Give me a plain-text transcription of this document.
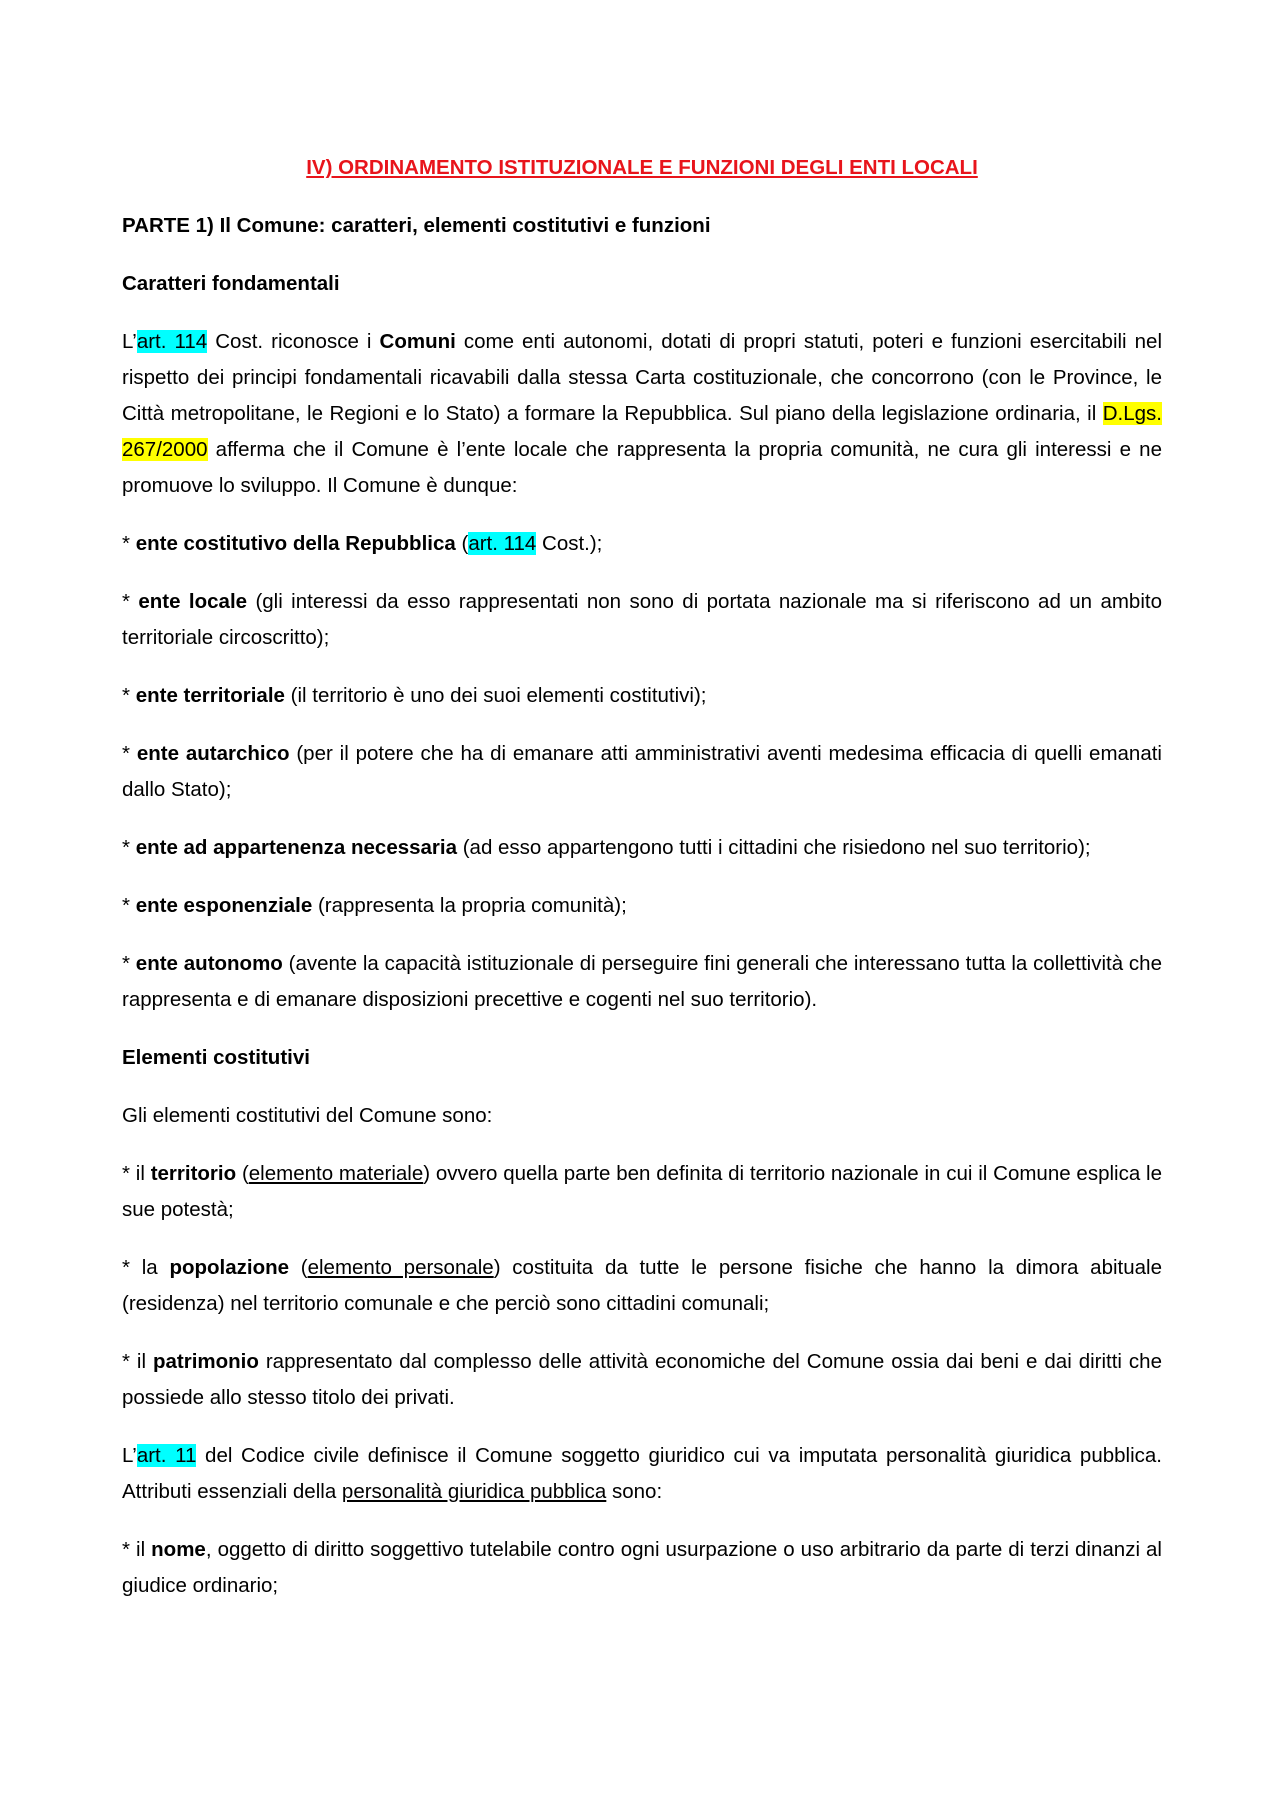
IV) ORDINAMENTO ISTITUZIONALE E FUNZIONI DEGLI ENTI LOCALI
PARTE 1) Il Comune: caratteri, elementi costitutivi e funzioni
Caratteri fondamentali

L’art. 114 Cost. riconosce i Comuni come enti autonomi, dotati di propri statuti, poteri e funzioni esercitabili nel rispetto dei principi fondamentali ricavabili dalla stessa Carta costituzionale, che concorrono (con le Province, le Città metropolitane, le Regioni e lo Stato) a formare la Repubblica. Sul piano della legislazione ordinaria, il D.Lgs. 267/2000 afferma che il Comune è l’ente locale che rappresenta la propria comunità, ne cura gli interessi e ne promuove lo sviluppo. Il Comune è dunque:

* ente costitutivo della Repubblica (art. 114 Cost.);

* ente locale (gli interessi da esso rappresentati non sono di portata nazionale ma si riferiscono ad un ambito territoriale circoscritto);

* ente territoriale (il territorio è uno dei suoi elementi costitutivi);

* ente autarchico (per il potere che ha di emanare atti amministrativi aventi medesima efficacia di quelli emanati dallo Stato);

* ente ad appartenenza necessaria (ad esso appartengono tutti i cittadini che risiedono nel suo territorio);

* ente esponenziale (rappresenta la propria comunità);

* ente autonomo (avente la capacità istituzionale di perseguire fini generali che interessano tutta la collettività che rappresenta e di emanare disposizioni precettive e cogenti nel suo territorio).

Elementi costitutivi

Gli elementi costitutivi del Comune sono:

* il territorio (elemento materiale) ovvero quella parte ben definita di territorio nazionale in cui il Comune esplica le sue potestà;

* la popolazione (elemento personale) costituita da tutte le persone fisiche che hanno la dimora abituale (residenza) nel territorio comunale e che perciò sono cittadini comunali;

* il patrimonio rappresentato dal complesso delle attività economiche del Comune ossia dai beni e dai diritti che possiede allo stesso titolo dei privati.

L’art. 11 del Codice civile definisce il Comune soggetto giuridico cui va imputata personalità giuridica pubblica. Attributi essenziali della personalità giuridica pubblica sono:

* il nome, oggetto di diritto soggettivo tutelabile contro ogni usurpazione o uso arbitrario da parte di terzi dinanzi al giudice ordinario;
